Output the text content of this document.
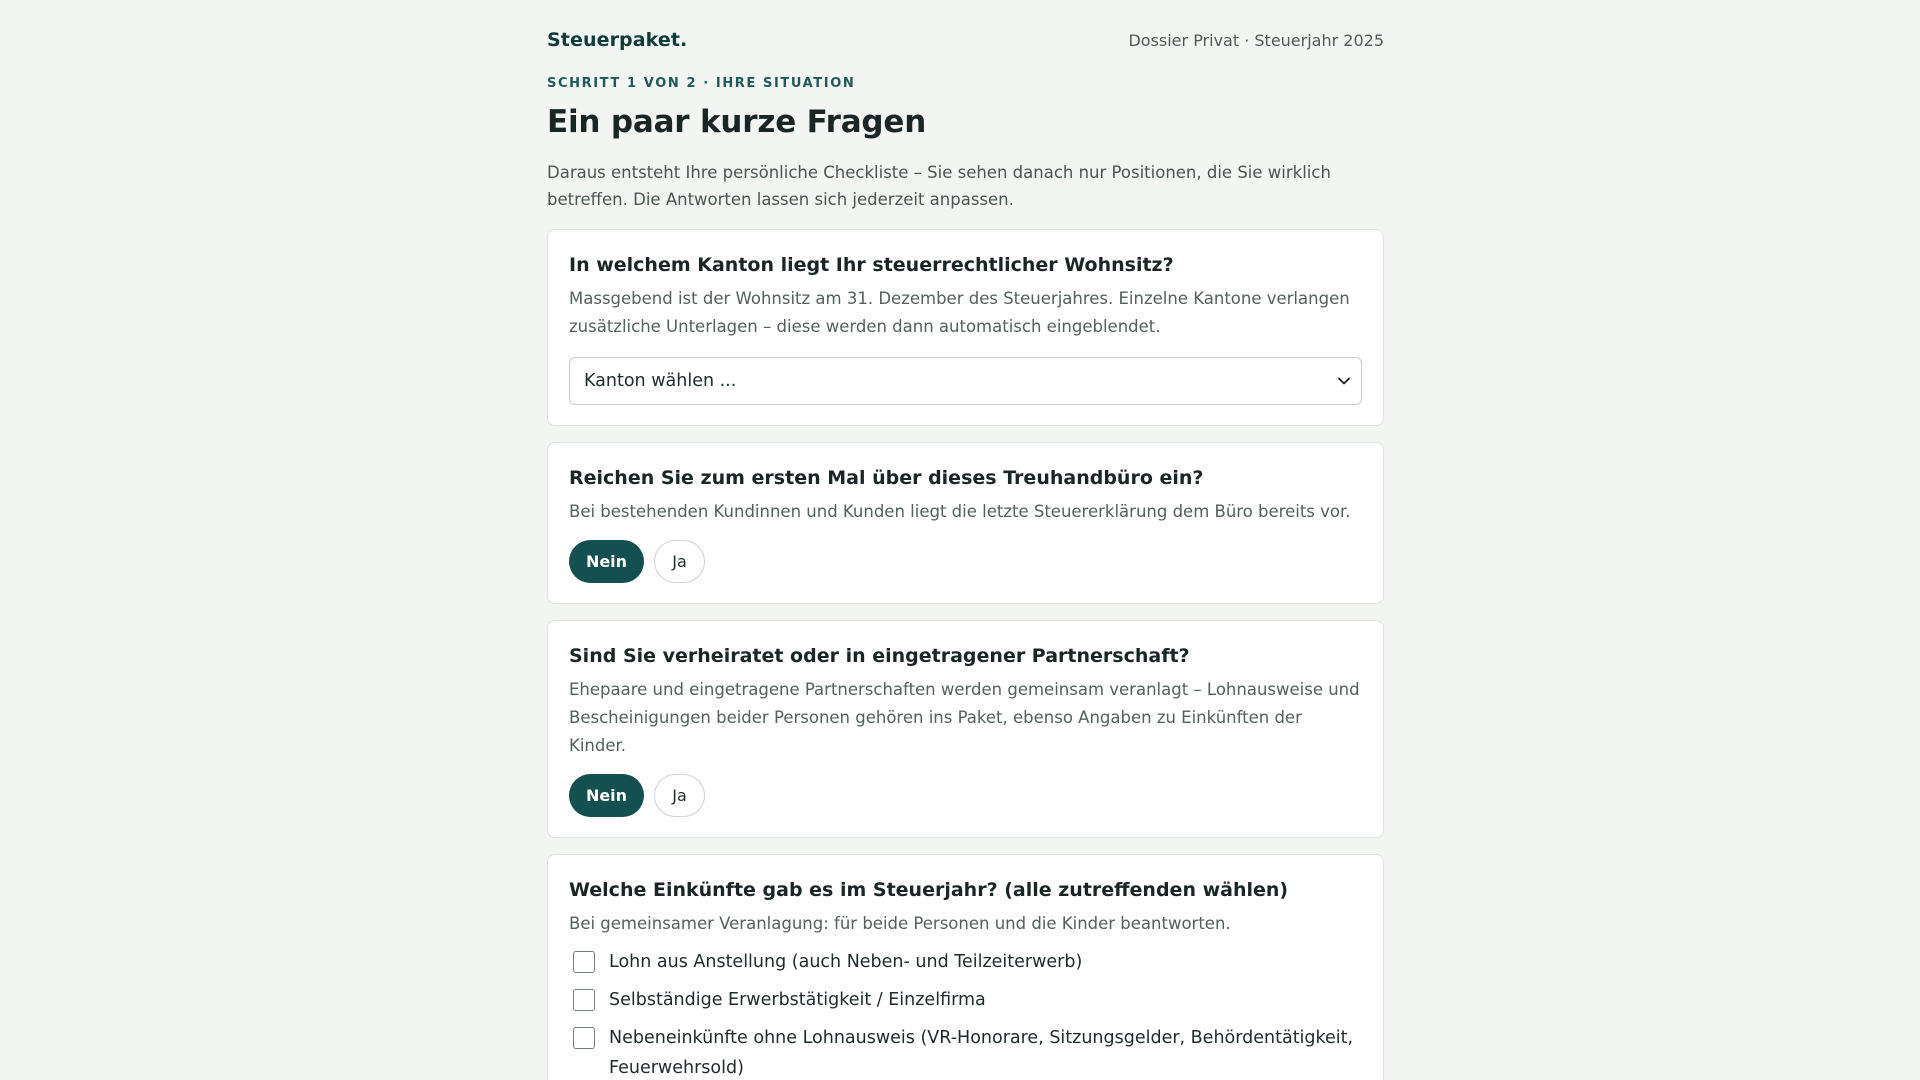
Steuerpaket.	Dossier Privat · Steuerjahr 2025
SCHRITT 1 VON 2 · IHRE SITUATION
Ein paar kurze Fragen

Daraus entsteht Ihre persönliche Checkliste – Sie sehen danach nur Positionen, die Sie wirklich betreffen. Die Antworten lassen sich jederzeit anpassen.

In welchem Kanton liegt Ihr steuerrechtlicher Wohnsitz?
Massgebend ist der Wohnsitz am 31. Dezember des Steuerjahres. Einzelne Kantone verlangen zusätzliche Unterlagen – diese werden dann automatisch eingeblendet.
Kanton wählen ...
Reichen Sie zum ersten Mal über dieses Treuhandbüro ein?
Bei bestehenden Kundinnen und Kunden liegt die letzte Steuererklärung dem Büro bereits vor.
Nein	Ja
Sind Sie verheiratet oder in eingetragener Partnerschaft?
Ehepaare und eingetragene Partnerschaften werden gemeinsam veranlagt – Lohnausweise und Bescheinigungen beider Personen gehören ins Paket, ebenso Angaben zu Einkünften der Kinder.
Nein	Ja
Welche Einkünfte gab es im Steuerjahr? (alle zutreffenden wählen)
Bei gemeinsamer Veranlagung: für beide Personen und die Kinder beantworten.
Lohn aus Anstellung (auch Neben- und Teilzeiterwerb)
Selbständige Erwerbstätigkeit / Einzelfirma
Nebeneinkünfte ohne Lohnausweis (VR-Honorare, Sitzungsgelder, Behördentätigkeit, Feuerwehrsold)
